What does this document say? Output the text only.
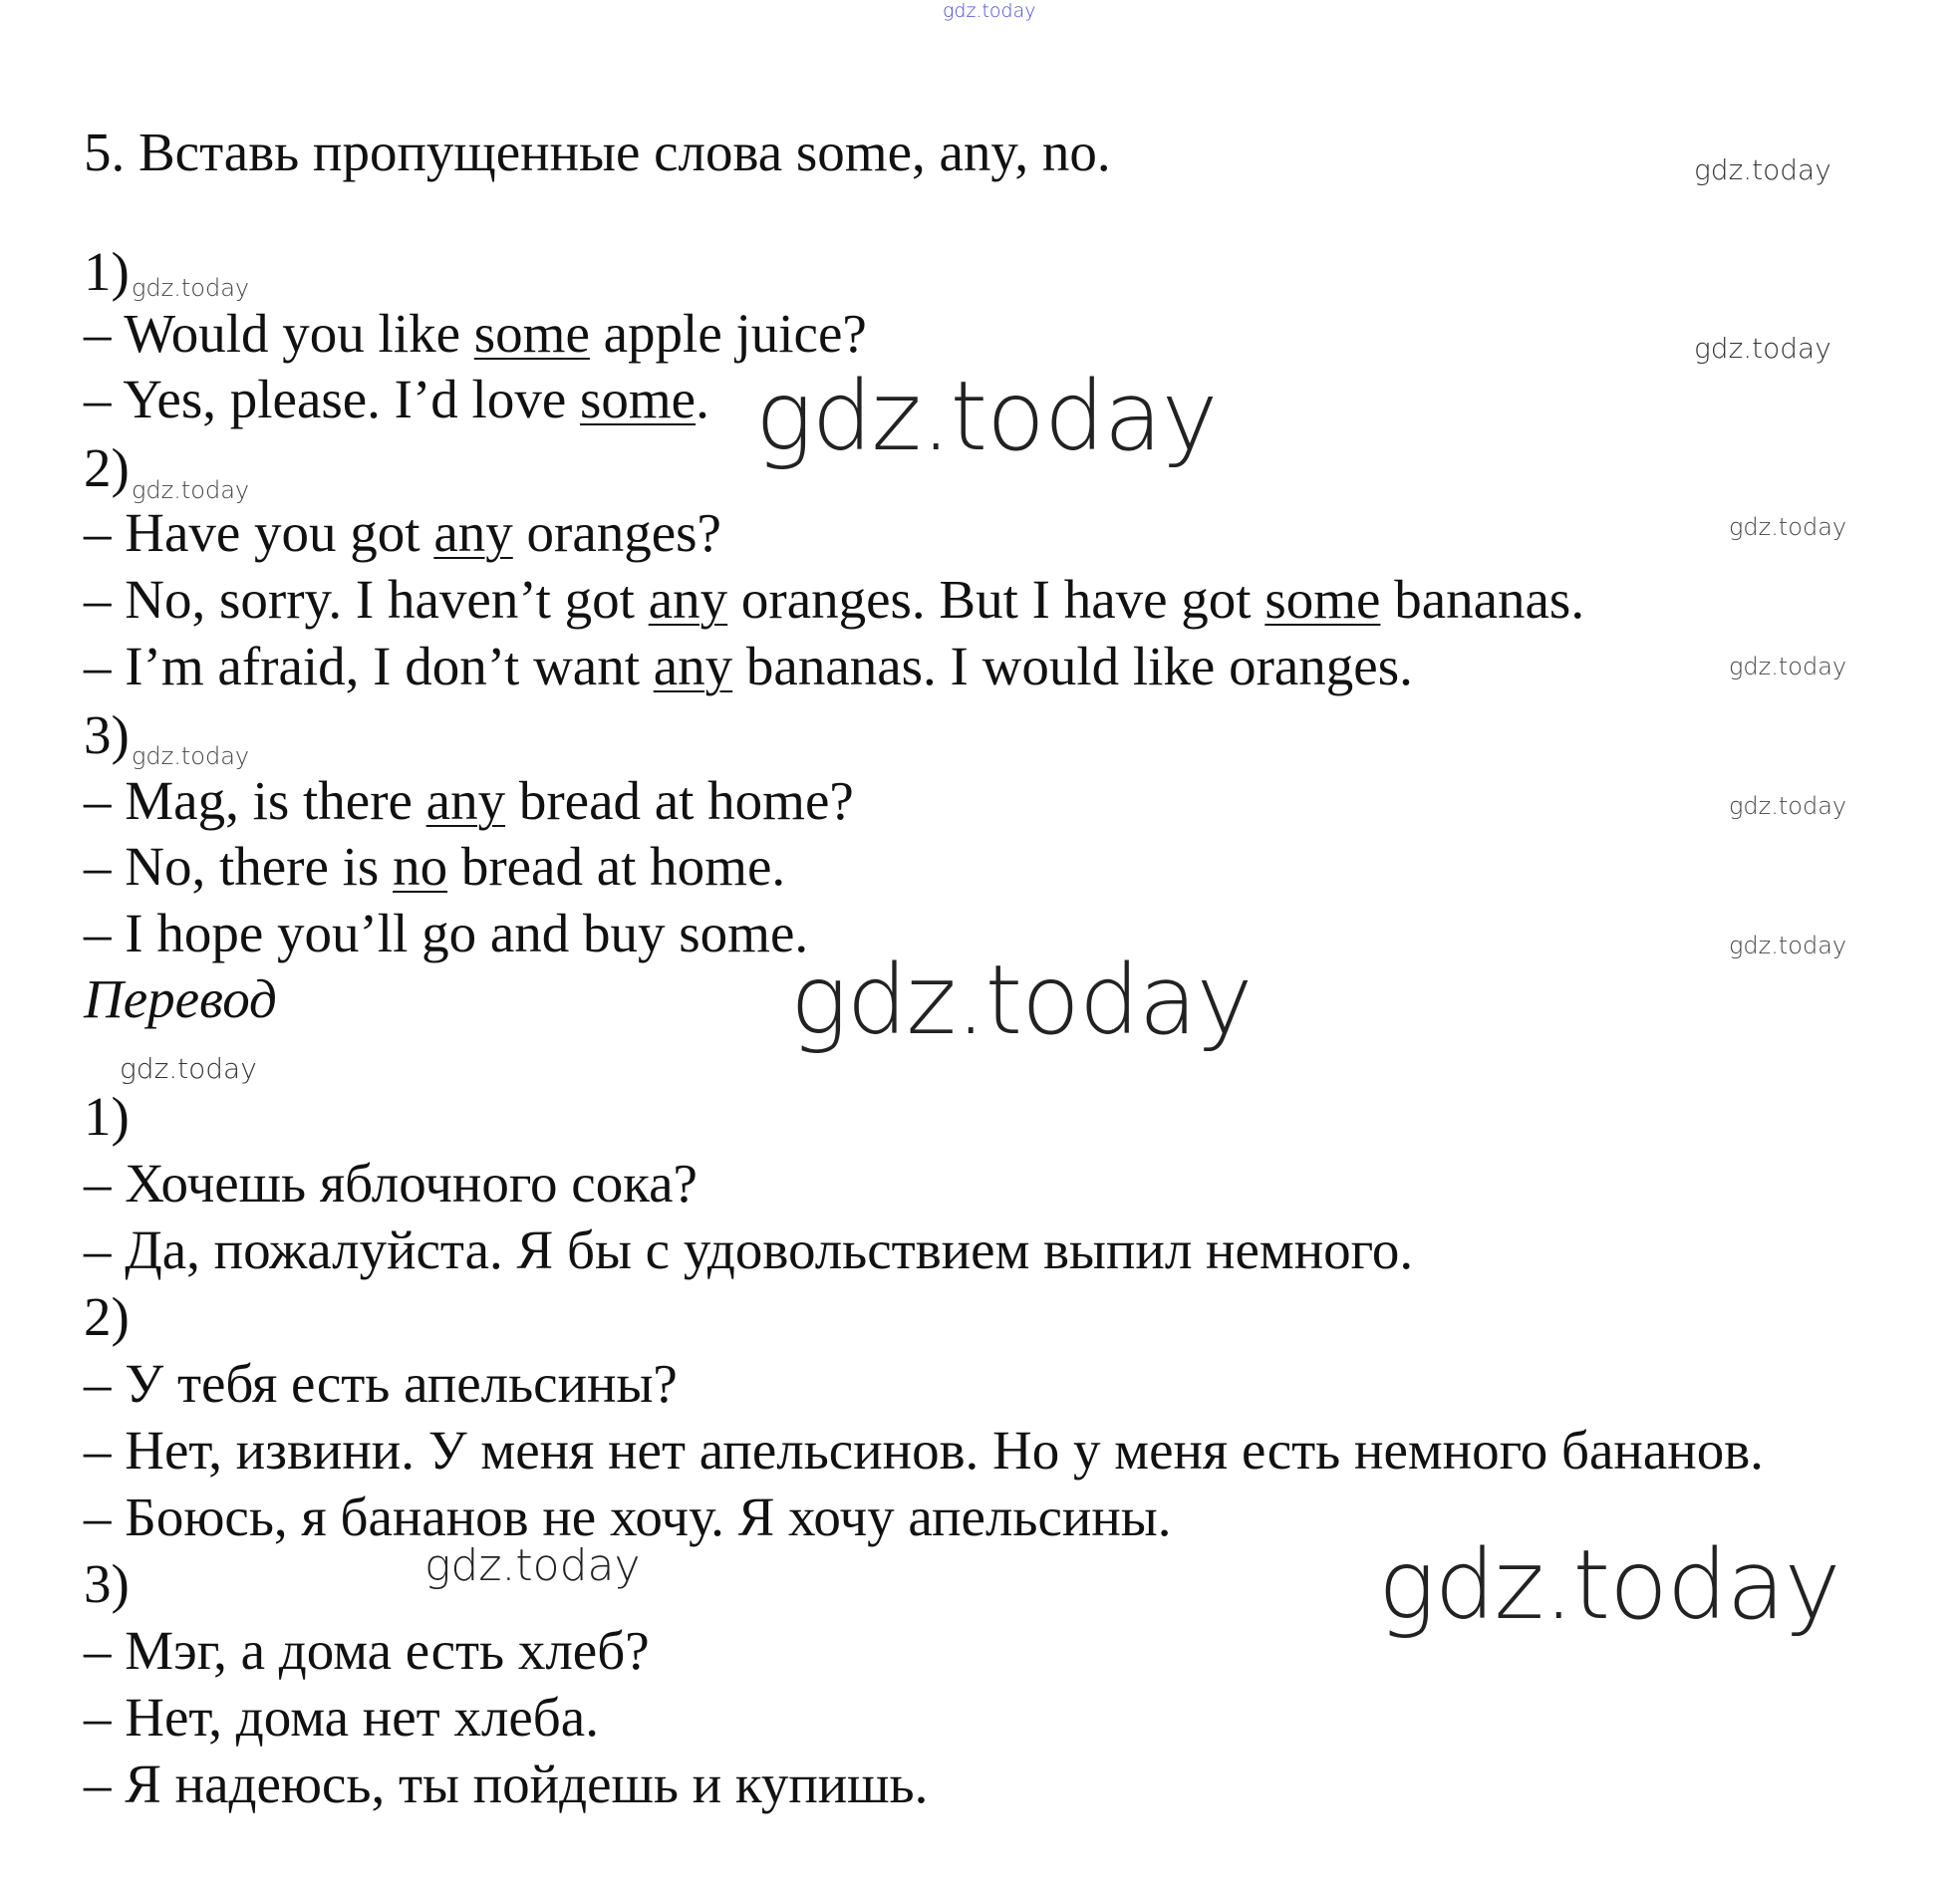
gdz.today
5. Вставь пропущенные слова some, any, no.
1)
– Would you like some apple juice?
– Yes, please. I’d love some.
2)
– Have you got any oranges?
– No, sorry. I haven’t got any oranges. But I have got some bananas.
– I’m afraid, I don’t want any bananas. I would like oranges.
3)
– Mag, is there any bread at home?
– No, there is no bread at home.
– I hope you’ll go and buy some.
Перевод
1)
– Хочешь яблочного сока?
– Да, пожалуйста. Я бы с удовольствием выпил немного.
2)
– У тебя есть апельсины?
– Нет, извини. У меня нет апельсинов. Но у меня есть немного бананов.
– Боюсь, я бананов не хочу. Я хочу апельсины.
3)
– Мэг, а дома есть хлеб?
– Нет, дома нет хлеба.
– Я надеюсь, ты пойдешь и купишь.
gdz.today
gdz.today
gdz.today
gdz.today
gdz.today
gdz.today
gdz.today
gdz.today
gdz.today
gdz.today
gdz.today
gdz.today
gdz.today	gdz.today
